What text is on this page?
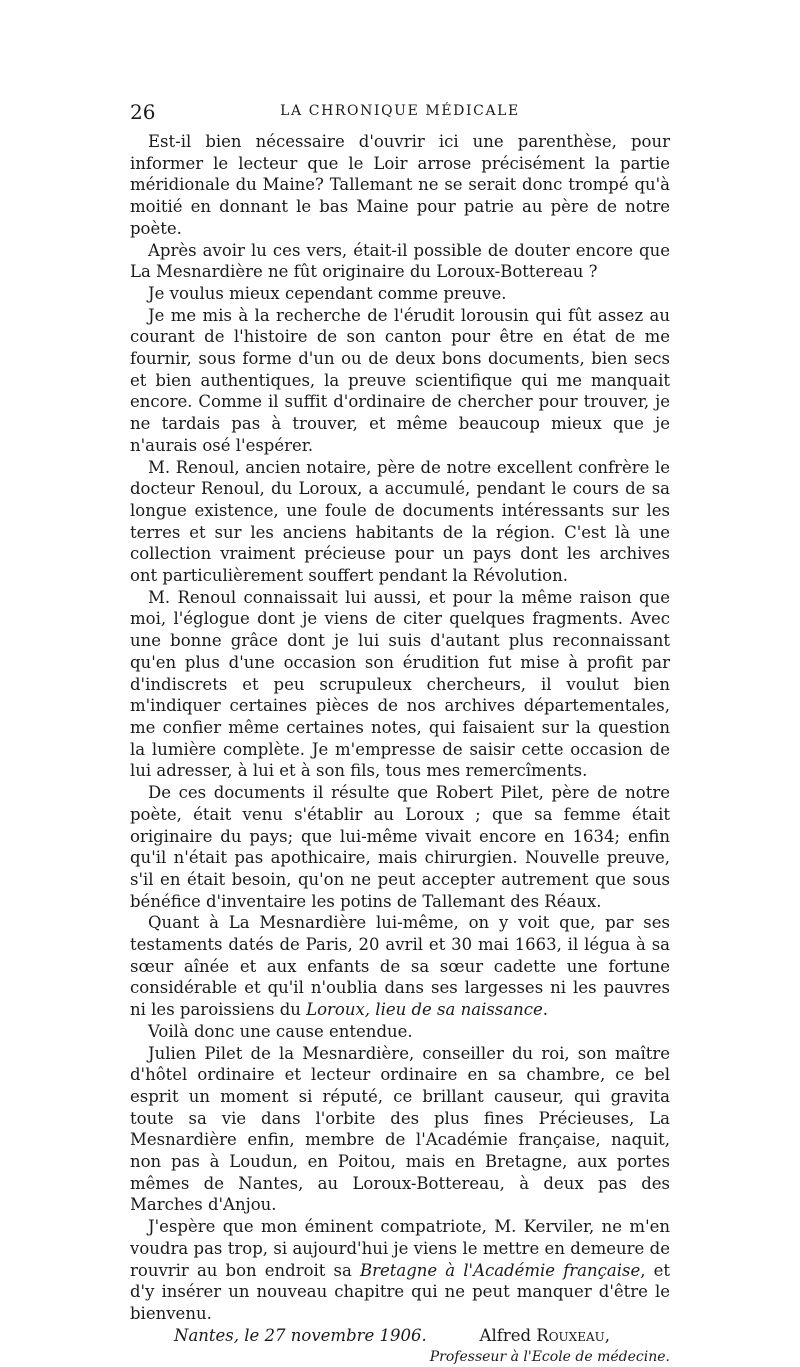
26	LA CHRONIQUE MÉDICALE

Est-il bien nécessaire d'ouvrir ici une parenthèse, pour informer le lecteur que le Loir arrose précisément la partie méridionale du Maine? Tallemant ne se serait donc trompé qu'à moitié en donnant le bas Maine pour patrie au père de notre poète.

Après avoir lu ces vers, était-il possible de douter encore que La Mesnardière ne fût originaire du Loroux-Bottereau ?

Je voulus mieux cependant comme preuve.

Je me mis à la recherche de l'érudit lorousin qui fût assez au courant de l'histoire de son canton pour être en état de me fournir, sous forme d'un ou de deux bons documents, bien secs et bien authentiques, la preuve scientifique qui me manquait encore. Comme il suffit d'ordinaire de chercher pour trouver, je ne tardais pas à trouver, et même beaucoup mieux que je n'aurais osé l'espérer.

M. Renoul, ancien notaire, père de notre excellent confrère le docteur Renoul, du Loroux, a accumulé, pendant le cours de sa longue existence, une foule de documents intéressants sur les terres et sur les anciens habitants de la région. C'est là une collection vraiment précieuse pour un pays dont les archives ont particulièrement souffert pendant la Révolution.

M. Renoul connaissait lui aussi, et pour la même raison que moi, l'églogue dont je viens de citer quelques fragments. Avec une bonne grâce dont je lui suis d'autant plus reconnaissant qu'en plus d'une occasion son érudition fut mise à profit par d'indiscrets et peu scrupuleux chercheurs, il voulut bien m'indiquer certaines pièces de nos archives départementales, me confier même certaines notes, qui faisaient sur la question la lumière complète. Je m'empresse de saisir cette occasion de lui adresser, à lui et à son fils, tous mes remercîments.

De ces documents il résulte que Robert Pilet, père de notre poète, était venu s'établir au Loroux ; que sa femme était originaire du pays; que lui-même vivait encore en 1634; enfin qu'il n'était pas apothicaire, mais chirurgien. Nouvelle preuve, s'il en était besoin, qu'on ne peut accepter autrement que sous bénéfice d'inventaire les potins de Tallemant des Réaux.

Quant à La Mesnardière lui-même, on y voit que, par ses testaments datés de Paris, 20 avril et 30 mai 1663, il légua à sa sœur aînée et aux enfants de sa sœur cadette une fortune considérable et qu'il n'oublia dans ses largesses ni les pauvres ni les paroissiens du Loroux, lieu de sa naissance.

Voilà donc une cause entendue.

Julien Pilet de la Mesnardière, conseiller du roi, son maître d'hôtel ordinaire et lecteur ordinaire en sa chambre, ce bel esprit un moment si réputé, ce brillant causeur, qui gravita toute sa vie dans l'orbite des plus fines Précieuses, La Mesnardière enfin, membre de l'Académie française, naquit, non pas à Loudun, en Poitou, mais en Bretagne, aux portes mêmes de Nantes, au Loroux-Bottereau, à deux pas des Marches d'Anjou.

J'espère que mon éminent compatriote, M. Kerviler, ne m'en voudra pas trop, si aujourd'hui je viens le mettre en demeure de rouvrir au bon endroit sa Bretagne à l'Académie française, et d'y insérer un nouveau chapitre qui ne peut manquer d'être le bienvenu.

Nantes, le 27 novembre 1906.	Alfred Rouxeau,

Professeur à l'Ecole de médecine.
